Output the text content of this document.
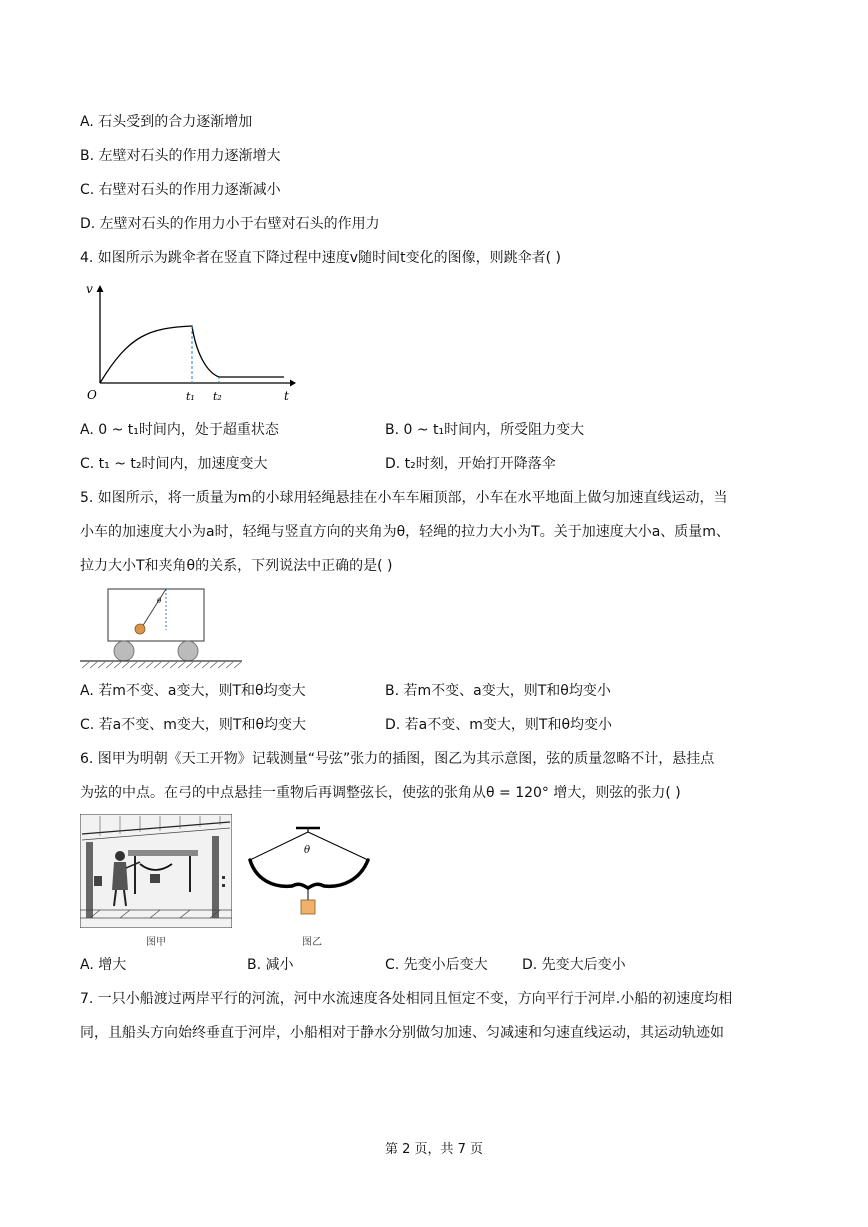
A. 石头受到的合力逐渐增加
B. 左壁对石头的作用力逐渐增大
C. 右壁对石头的作用力逐渐减小
D. 左壁对石头的作用力小于右壁对石头的作用力
4. 如图所示为跳伞者在竖直下降过程中速度v随时间t变化的图像，则跳伞者( )
v
t
O	t₁ t₂
A. 0 ~ t₁时间内，处于超重状态	B. 0 ~ t₁时间内，所受阻力变大
C. t₁ ~ t₂时间内，加速度变大	D. t₂时刻，开始打开降落伞
5. 如图所示，将一质量为m的小球用轻绳悬挂在小车车厢顶部，小车在水平地面上做匀加速直线运动，当
小车的加速度大小为a时，轻绳与竖直方向的夹角为θ，轻绳的拉力大小为T。关于加速度大小a、质量m、
拉力大小T和夹角θ的关系，下列说法中正确的是( )
θ
A. 若m不变、a变大，则T和θ均变大	B. 若m不变、a变大，则T和θ均变小
C. 若a不变、m变大，则T和θ均变大	D. 若a不变、m变大，则T和θ均变小
6. 图甲为明朝《天工开物》记载测量“号弦”张力的插图，图乙为其示意图，弦的质量忽略不计，悬挂点
为弦的中点。在弓的中点悬挂一重物后再调整弦长，使弦的张角从θ = 120° 增大，则弦的张力( )
图甲
θ
图乙
A. 增大	B. 减小	C. 先变小后变大 D. 先变大后变小
7. 一只小船渡过两岸平行的河流，河中水流速度各处相同且恒定不变，方向平行于河岸.小船的初速度均相
同，且船头方向始终垂直于河岸，小船相对于静水分别做匀加速、匀减速和匀速直线运动，其运动轨迹如
第 2 页，共 7 页
